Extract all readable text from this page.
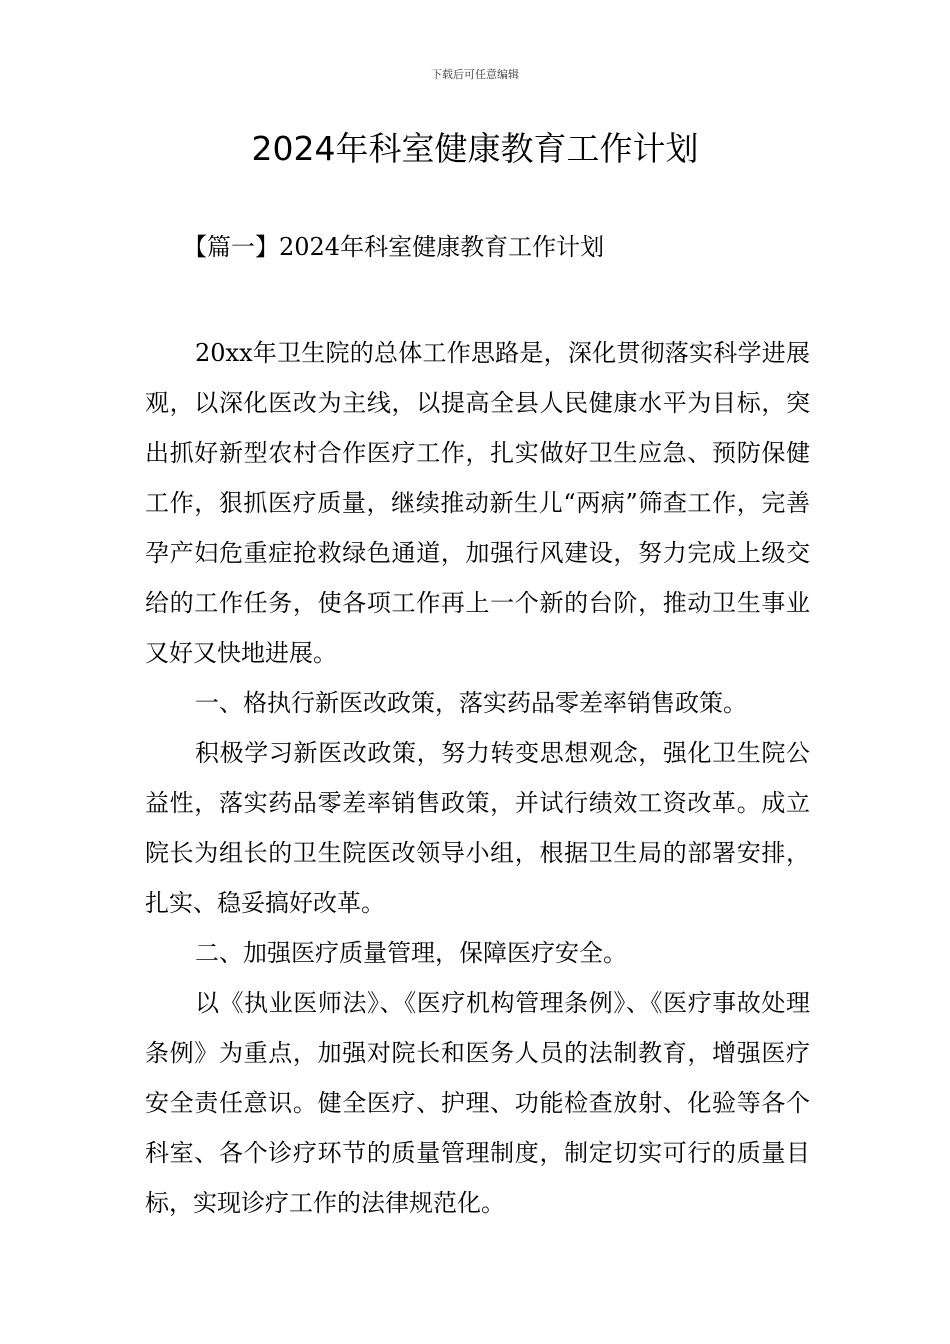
下载后可任意编辑
2024年科室健康教育工作计划
【篇一】2024年科室健康教育工作计划

20xx年卫生院的总体工作思路是，深化贯彻落实科学进展观，以深化医改为主线，以提高全县人民健康水平为目标，突出抓好新型农村合作医疗工作，扎实做好卫生应急、预防保健工作，狠抓医疗质量，继续推动新生儿“两病”筛查工作，完善孕产妇危重症抢救绿色通道，加强行风建设，努力完成上级交给的工作任务，使各项工作再上一个新的台阶，推动卫生事业又好又快地进展。

一、格执行新医改政策，落实药品零差率销售政策。

积极学习新医改政策，努力转变思想观念，强化卫生院公益性，落实药品零差率销售政策，并试行绩效工资改革。成立院长为组长的卫生院医改领导小组，根据卫生局的部署安排，扎实、稳妥搞好改革。

二、加强医疗质量管理，保障医疗安全。

以《执业医师法》、《医疗机构管理条例》、《医疗事故处理条例》为重点，加强对院长和医务人员的法制教育，增强医疗安全责任意识。健全医疗、护理、功能检查放射、化验等各个科室、各个诊疗环节的质量管理制度，制定切实可行的质量目标，实现诊疗工作的法律规范化。
